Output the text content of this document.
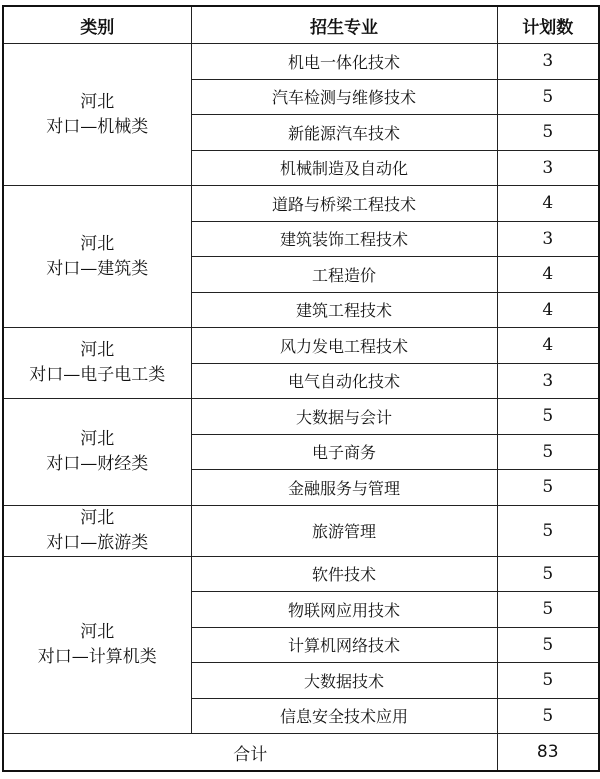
类别	招生专业	计划数

河北
对口—机械类	机电一体化技术	3
	汽车检测与维修技术	5
	新能源汽车技术	5
	机械制造及自动化	3

河北
对口—建筑类	道路与桥梁工程技术	4
	建筑装饰工程技术	3
	工程造价	4
	建筑工程技术	4

河北
对口—电子电工类	风力发电工程技术	4
	电气自动化技术	3

河北
对口—财经类	大数据与会计	5
	电子商务	5
	金融服务与管理	5

河北
对口—旅游类	旅游管理	5

河北
对口—计算机类	软件技术	5
	物联网应用技术	5
	计算机网络技术	5
	大数据技术	5
	信息安全技术应用	5
合计		83
